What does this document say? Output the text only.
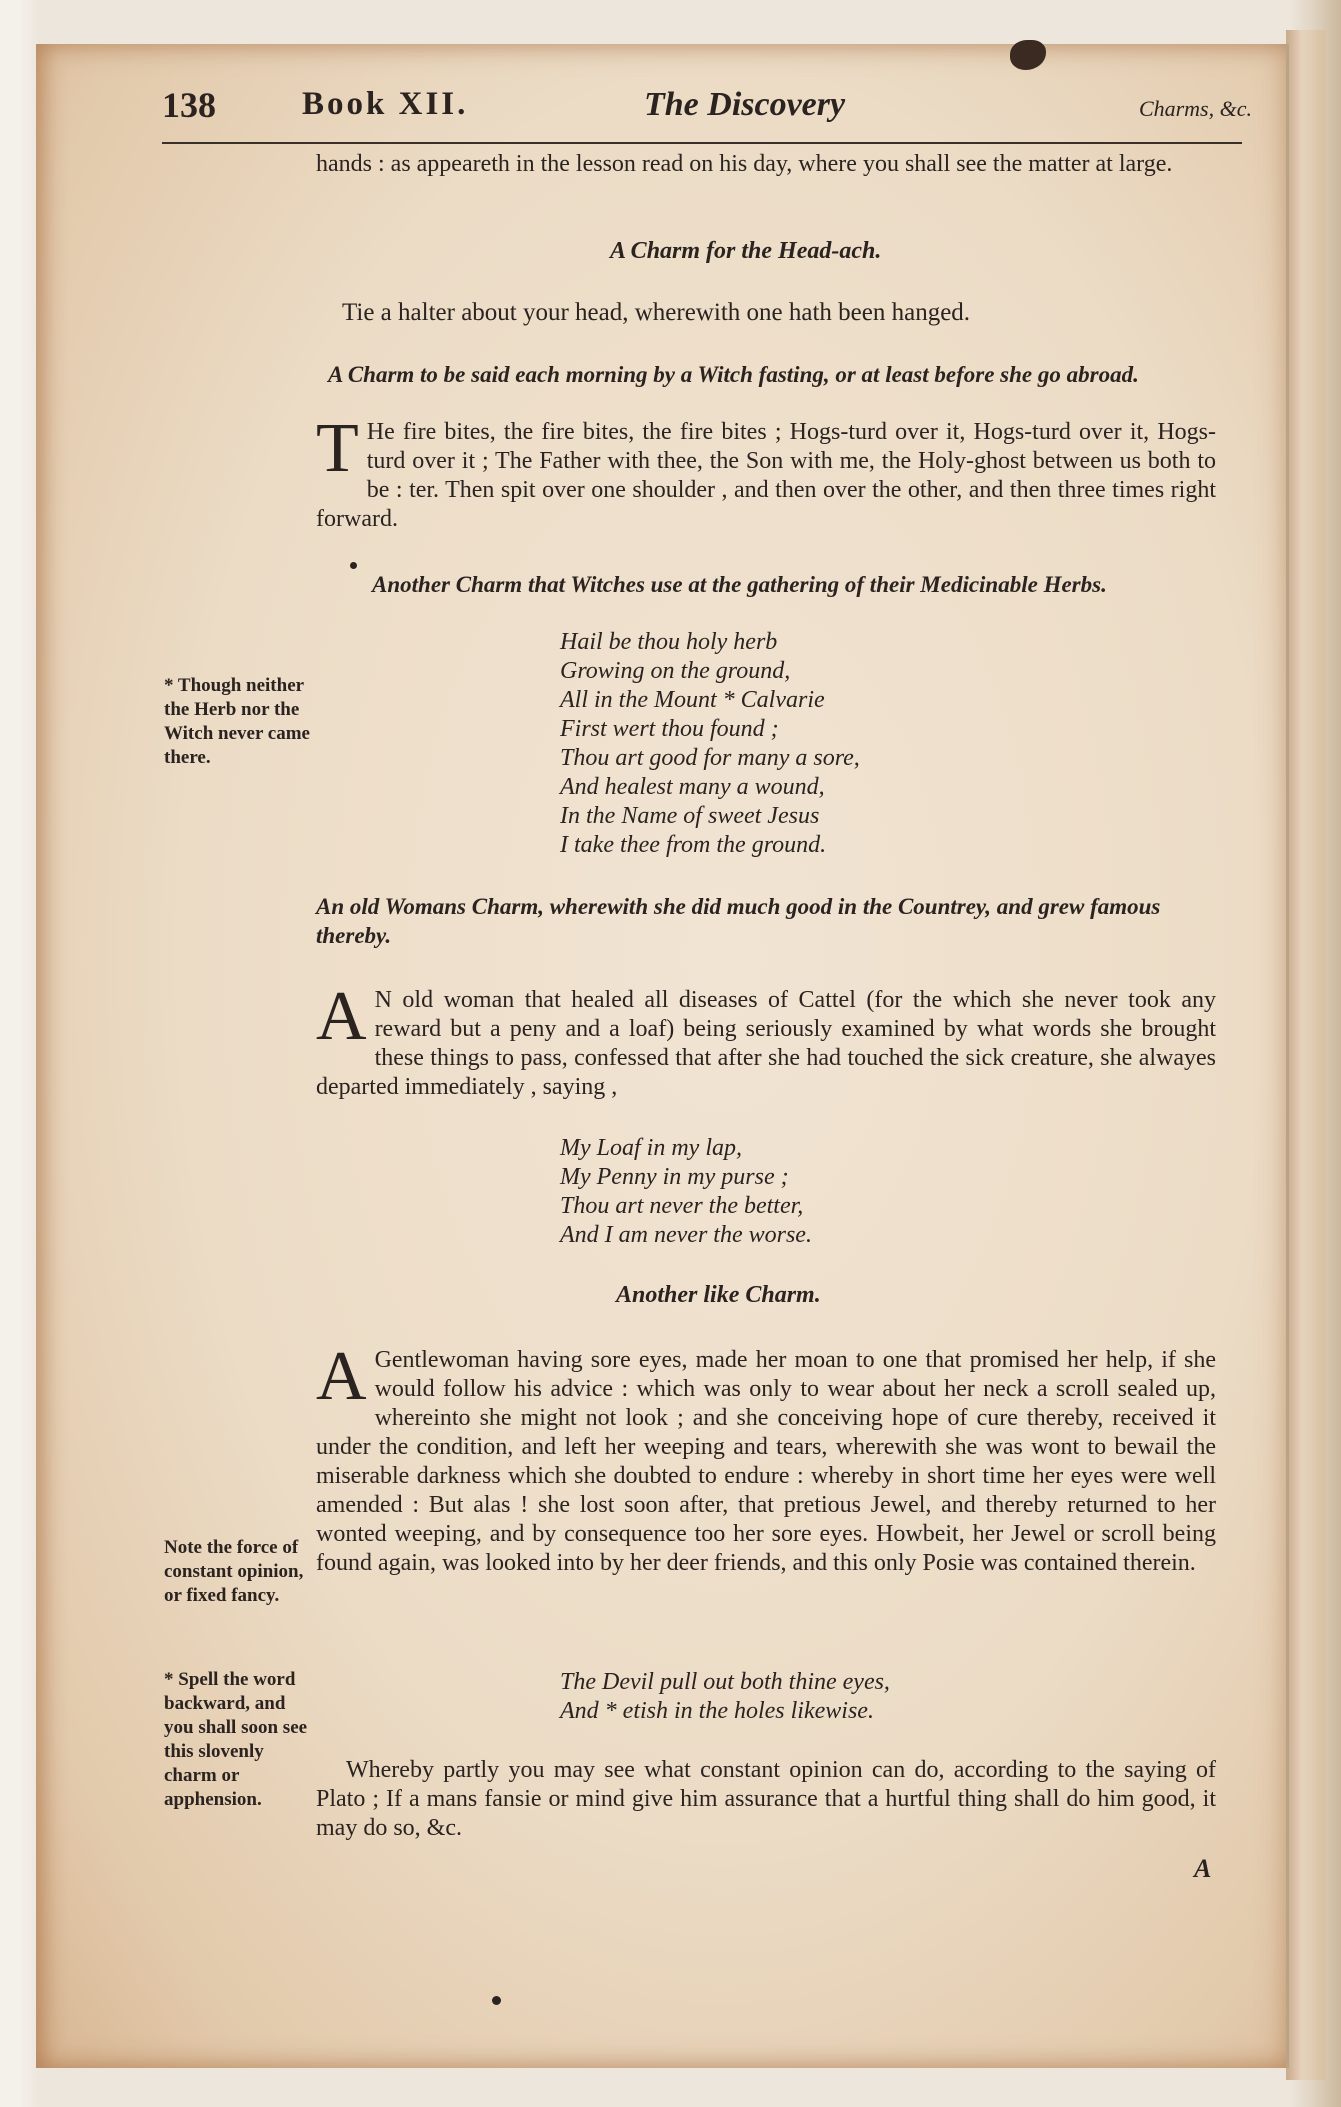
138	Book XII.	The Discovery	Charms, &c.
hands : as appeareth in the lesson read on his day, where you shall see the matter at large.
A Charm for the Head-ach.
Tie a halter about your head, wherewith one hath been hanged.
A Charm to be said each morning by a Witch fasting, or at least before she go abroad.
T He fire bites, the fire bites, the fire bites ; Hogs-turd over it, Hogs-turd over it, Hogs-turd over it ; The Father with thee, the Son with me, the Holy-ghost between us both to be : ter. Then spit over one shoulder , and then over the other, and then three times right forward.
Another Charm that Witches use at the gathering of their Medicinable Herbs.
Hail be thou holy herb
Growing on the ground,
All in the Mount * Calvarie
First wert thou found ;
Thou art good for many a sore,
And healest many a wound,
In the Name of sweet Jesus
I take thee from the ground.
* Though neither the Herb nor the Witch never came there.
An old Womans Charm, wherewith she did much good in the Countrey, and grew famous thereby.
A N old woman that healed all diseases of Cattel (for the which she never took any reward but a peny and a loaf) being seriously examined by what words she brought these things to pass, confessed that after she had touched the sick creature, she alwayes departed immediately , saying ,
My Loaf in my lap,
My Penny in my purse ;
Thou art never the better,
And I am never the worse.
Another like Charm.
A Gentlewoman having sore eyes, made her moan to one that promised her help, if she would follow his advice : which was only to wear about her neck a scroll sealed up, whereinto she might not look ; and she conceiving hope of cure thereby, received it under the condition, and left her weeping and tears, wherewith she was wont to bewail the miserable darkness which she doubted to endure : whereby in short time her eyes were well amended : But alas ! she lost soon after, that pretious Jewel, and thereby returned to her wonted weeping, and by consequence too her sore eyes. Howbeit, her Jewel or scroll being found again, was looked into by her deer friends, and this only Posie was contained therein.
Note the force of constant opinion, or fixed fancy.
The Devil pull out both thine eyes,
And * etish in the holes likewise.
* Spell the word backward, and you shall soon see this slovenly charm or apphension.
Whereby partly you may see what constant opinion can do, according to the saying of Plato ; If a mans fansie or mind give him assurance that a hurtful thing shall do him good, it may do so, &c.
A
